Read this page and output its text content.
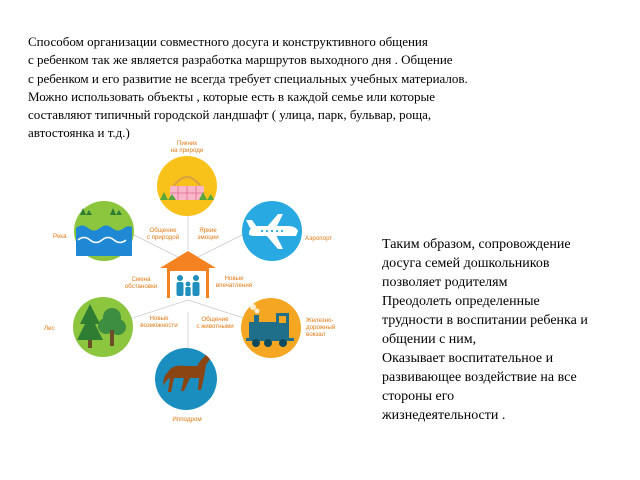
Способом организации совместного досуга и конструктивного общения

с ребенком так же является разработка маршрутов выходного дня . Общение

с ребенком и его развитие не всегда требует специальных учебных материалов.

Можно использовать объекты , которые есть в каждой семье или которые

составляют типичный городской ландшафт ( улица, парк, бульвар, роща,

автостоянка и т.д.)

Пикник
на природе
Аэропорт
Железно-
дорожный
вокзал
Ипподром
Лес
Река
Общение
с природой
Яркие
эмоции
Новые
впечатления
Общение
с животными
Новые
возможности
Смена
обстановки

Таким образом, сопровождение

досуга семей дошкольников

позволяет родителям

Преодолеть определенные

трудности в воспитании ребенка и

общении с ним,

Оказывает воспитательное и

развивающее воздействие на все

стороны его

жизнедеятельности .
